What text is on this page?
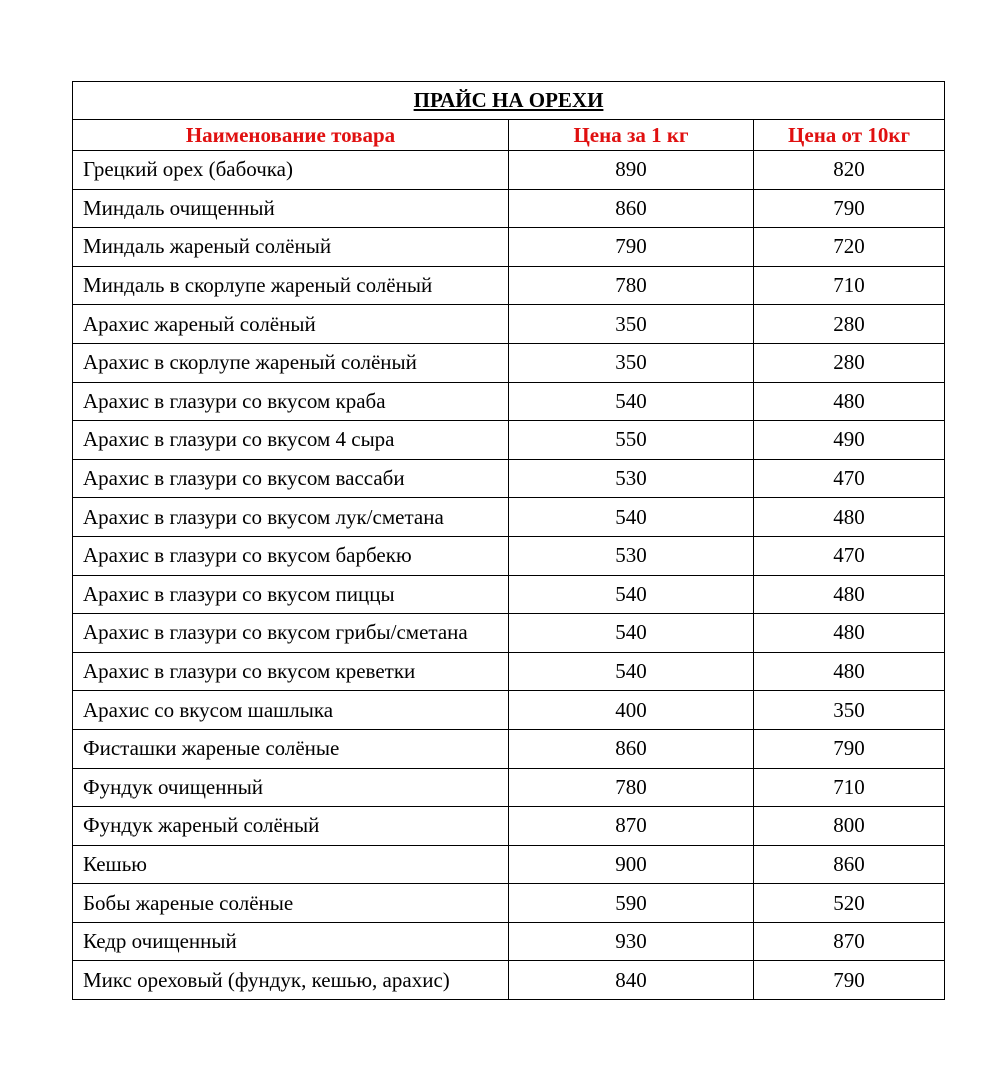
ПРАЙС НА ОРЕХИ		
Наименование товара	Цена за 1 кг	Цена от 10кг
Грецкий орех (бабочка)	890	820
Миндаль очищенный	860	790
Миндаль жареный солёный	790	720
Миндаль в скорлупе жареный солёный	780	710
Арахис жареный солёный	350	280
Арахис в скорлупе жареный солёный	350	280
Арахис в глазури со вкусом краба	540	480
Арахис в глазури со вкусом 4 сыра	550	490
Арахис в глазури со вкусом вассаби	530	470
Арахис в глазури со вкусом лук/сметана	540	480
Арахис в глазури со вкусом барбекю	530	470
Арахис в глазури со вкусом пиццы	540	480
Арахис в глазури со вкусом грибы/сметана	540	480
Арахис в глазури со вкусом креветки	540	480
Арахис со вкусом шашлыка	400	350
Фисташки жареные солёные	860	790
Фундук очищенный	780	710
Фундук жареный солёный	870	800
Кешью	900	860
Бобы жареные солёные	590	520
Кедр очищенный	930	870
Микс ореховый (фундук, кешью, арахис)	840	790
